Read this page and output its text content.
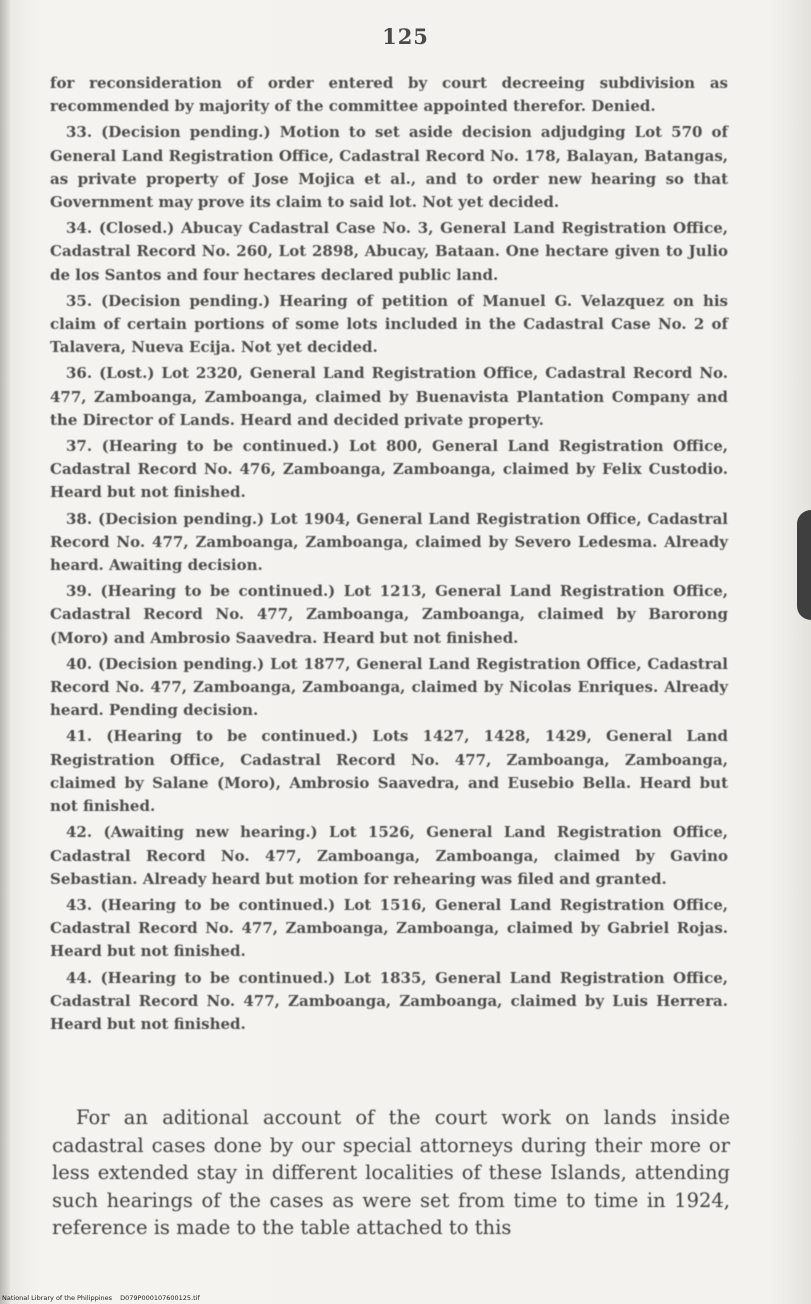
125

for reconsideration of order entered by court decreeing subdivision as recommended by majority of the committee appointed therefor. Denied.

33. (Decision pending.) Motion to set aside decision adjudging Lot 570 of General Land Registration Office, Cadastral Record No. 178, Balayan, Batangas, as private property of Jose Mojica et al., and to order new hearing so that Government may prove its claim to said lot. Not yet decided.

34. (Closed.) Abucay Cadastral Case No. 3, General Land Registration Office, Cadastral Record No. 260, Lot 2898, Abucay, Bataan. One hectare given to Julio de los Santos and four hectares declared public land.

35. (Decision pending.) Hearing of petition of Manuel G. Velazquez on his claim of certain portions of some lots included in the Cadastral Case No. 2 of Talavera, Nueva Ecija. Not yet decided.

36. (Lost.) Lot 2320, General Land Registration Office, Cadastral Record No. 477, Zamboanga, Zamboanga, claimed by Buenavista Plantation Company and the Director of Lands. Heard and decided private property.

37. (Hearing to be continued.) Lot 800, General Land Registration Office, Cadastral Record No. 476, Zamboanga, Zamboanga, claimed by Felix Custodio. Heard but not finished.

38. (Decision pending.) Lot 1904, General Land Registration Office, Cadastral Record No. 477, Zamboanga, Zamboanga, claimed by Severo Ledesma. Already heard. Awaiting decision.

39. (Hearing to be continued.) Lot 1213, General Land Registration Office, Cadastral Record No. 477, Zamboanga, Zamboanga, claimed by Barorong (Moro) and Ambrosio Saavedra. Heard but not finished.

40. (Decision pending.) Lot 1877, General Land Registration Office, Cadastral Record No. 477, Zamboanga, Zamboanga, claimed by Nicolas Enriques. Already heard. Pending decision.

41. (Hearing to be continued.) Lots 1427, 1428, 1429, General Land Registration Office, Cadastral Record No. 477, Zamboanga, Zamboanga, claimed by Salane (Moro), Ambrosio Saavedra, and Eusebio Bella. Heard but not finished.

42. (Awaiting new hearing.) Lot 1526, General Land Registration Office, Cadastral Record No. 477, Zamboanga, Zamboanga, claimed by Gavino Sebastian. Already heard but motion for rehearing was filed and granted.

43. (Hearing to be continued.) Lot 1516, General Land Registration Office, Cadastral Record No. 477, Zamboanga, Zamboanga, claimed by Gabriel Rojas. Heard but not finished.

44. (Hearing to be continued.) Lot 1835, General Land Registration Office, Cadastral Record No. 477, Zamboanga, Zamboanga, claimed by Luis Herrera. Heard but not finished.

For an aditional account of the court work on lands inside cadastral cases done by our special attorneys during their more or less extended stay in different localities of these Islands, attending such hearings of the cases as were set from time to time in 1924, reference is made to the table attached to this

National Library of the Philippines D079P000107600125.tif
